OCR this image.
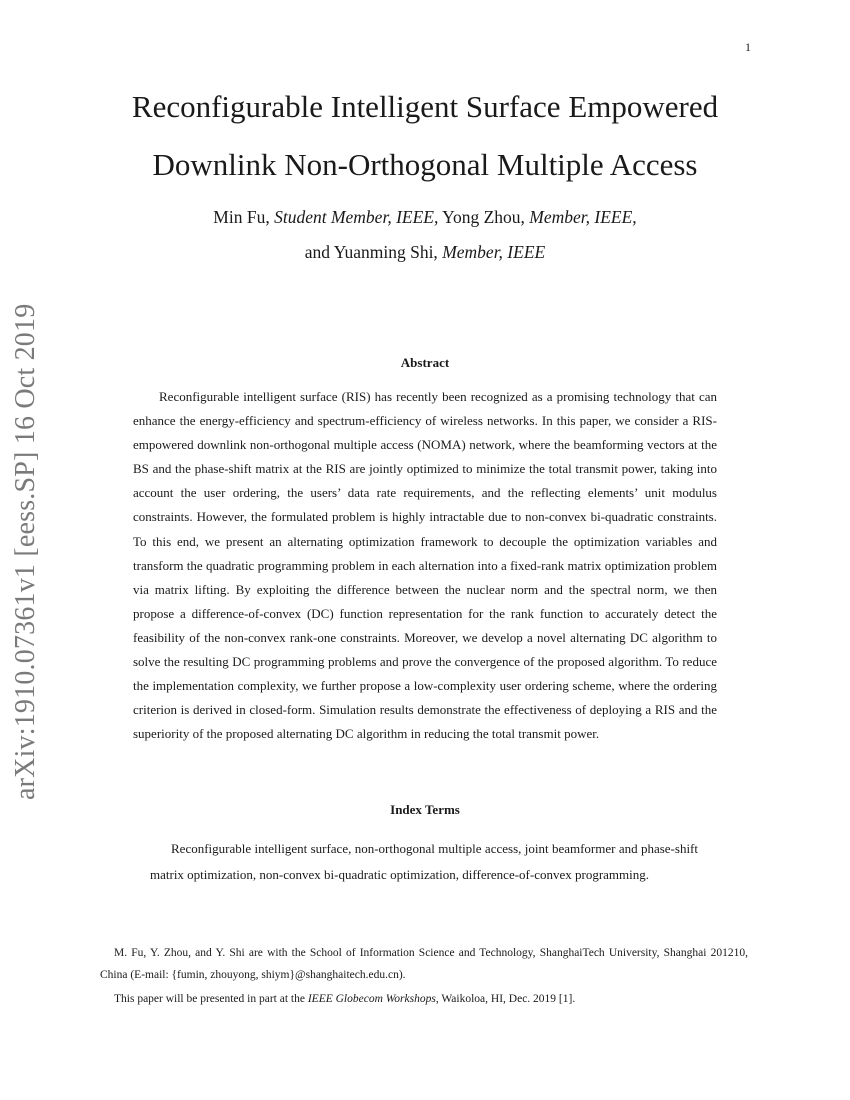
1
arXiv:1910.07361v1 [eess.SP] 16 Oct 2019
Reconfigurable Intelligent Surface Empowered
Downlink Non-Orthogonal Multiple Access
Min Fu, Student Member, IEEE, Yong Zhou, Member, IEEE,
and Yuanming Shi, Member, IEEE
Abstract

Reconfigurable intelligent surface (RIS) has recently been recognized as a promising technology that can enhance the energy-efficiency and spectrum-efficiency of wireless networks. In this paper, we consider a RIS-empowered downlink non-orthogonal multiple access (NOMA) network, where the beamforming vectors at the BS and the phase-shift matrix at the RIS are jointly optimized to minimize the total transmit power, taking into account the user ordering, the users’ data rate requirements, and the reflecting elements’ unit modulus constraints. However, the formulated problem is highly intractable due to non-convex bi-quadratic constraints. To this end, we present an alternating optimization framework to decouple the optimization variables and transform the quadratic programming problem in each alternation into a fixed-rank matrix optimization problem via matrix lifting. By exploiting the difference between the nuclear norm and the spectral norm, we then propose a difference-of-convex (DC) function representation for the rank function to accurately detect the feasibility of the non-convex rank-one constraints. Moreover, we develop a novel alternating DC algorithm to solve the resulting DC programming problems and prove the convergence of the proposed algorithm. To reduce the implementation complexity, we further propose a low-complexity user ordering scheme, where the ordering criterion is derived in closed-form. Simulation results demonstrate the effectiveness of deploying a RIS and the superiority of the proposed alternating DC algorithm in reducing the total transmit power.

Index Terms

Reconfigurable intelligent surface, non-orthogonal multiple access, joint beamformer and phase-shift matrix optimization, non-convex bi-quadratic optimization, difference-of-convex programming.

M. Fu, Y. Zhou, and Y. Shi are with the School of Information Science and Technology, ShanghaiTech University, Shanghai 201210, China (E-mail: {fumin, zhouyong, shiym}@shanghaitech.edu.cn).

This paper will be presented in part at the IEEE Globecom Workshops, Waikoloa, HI, Dec. 2019 [1].
